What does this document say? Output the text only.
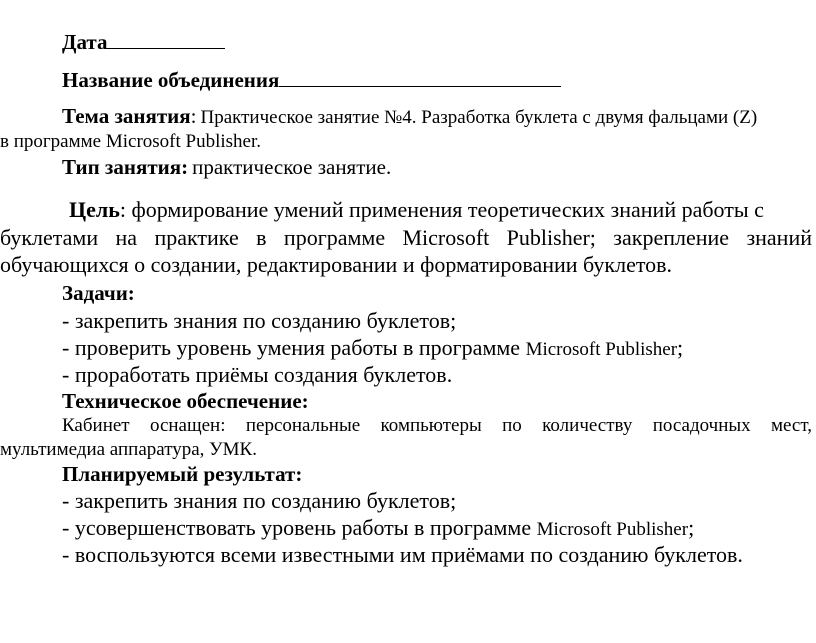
Дата
Название объединения
Тема занятия: Практическое занятие №4. Разработка буклета с двумя фальцами (Z)
в программе Microsoft Publisher.
Тип занятия: практическое занятие.
Цель: формирование умений применения теоретических знаний работы с
буклетами на практике в программе Microsoft Publisher; закрепление знаний
обучающихся о создании, редактировании и форматировании буклетов.
Задачи:
- закрепить знания по созданию буклетов;
- проверить уровень умения работы в программе Microsoft Publisher;
- проработать приёмы создания буклетов.
Техническое обеспечение:
Кабинет оснащен: персональные компьютеры по количеству посадочных мест,
мультимедиа аппаратура, УМК.
Планируемый результат:
- закрепить знания по созданию буклетов;
- усовершенствовать уровень работы в программе Microsoft Publisher;
- воспользуются всеми известными им приёмами по созданию буклетов.
